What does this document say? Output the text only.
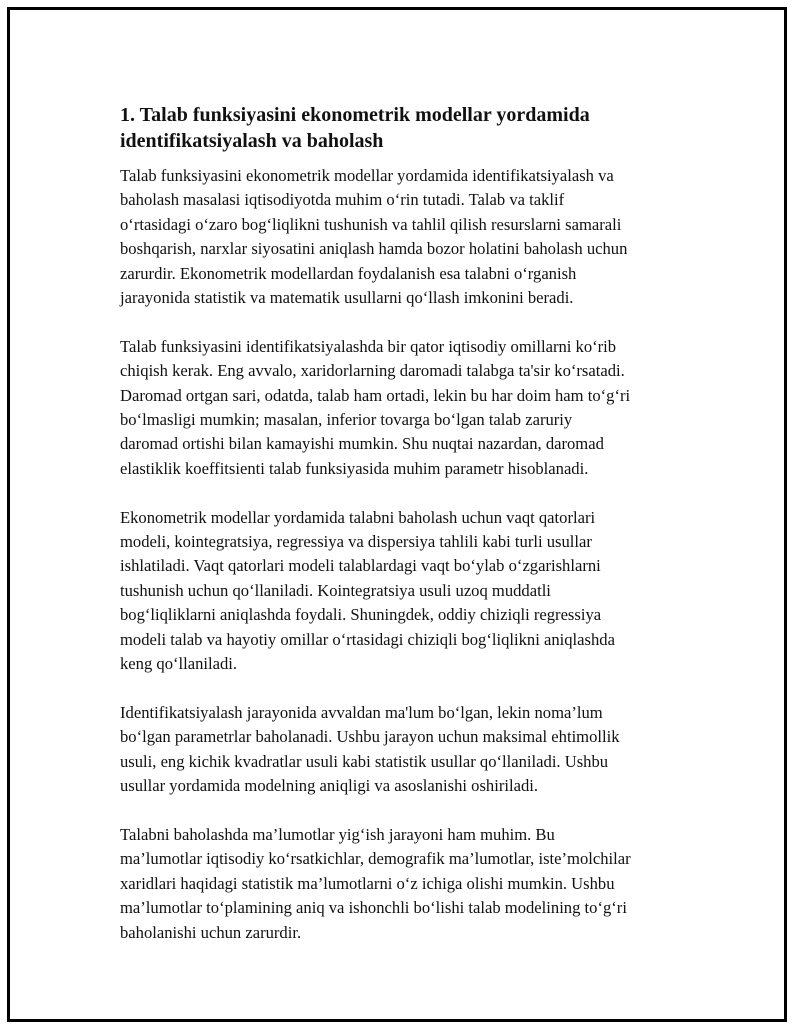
1. Talab funksiyasini ekonometrik modellar yordamida
identifikatsiyalash va baholash

Talab funksiyasini ekonometrik modellar yordamida identifikatsiyalash va
baholash masalasi iqtisodiyotda muhim o‘rin tutadi. Talab va taklif
o‘rtasidagi o‘zaro bog‘liqlikni tushunish va tahlil qilish resurslarni samarali
boshqarish, narxlar siyosatini aniqlash hamda bozor holatini baholash uchun
zarurdir. Ekonometrik modellardan foydalanish esa talabni o‘rganish
jarayonida statistik va matematik usullarni qo‘llash imkonini beradi.

Talab funksiyasini identifikatsiyalashda bir qator iqtisodiy omillarni ko‘rib
chiqish kerak. Eng avvalo, xaridorlarning daromadi talabga ta'sir ko‘rsatadi.
Daromad ortgan sari, odatda, talab ham ortadi, lekin bu har doim ham to‘g‘ri
bo‘lmasligi mumkin; masalan, inferior tovarga bo‘lgan talab zaruriy
daromad ortishi bilan kamayishi mumkin. Shu nuqtai nazardan, daromad
elastiklik koeffitsienti talab funksiyasida muhim parametr hisoblanadi.

Ekonometrik modellar yordamida talabni baholash uchun vaqt qatorlari
modeli, kointegratsiya, regressiya va dispersiya tahlili kabi turli usullar
ishlatiladi. Vaqt qatorlari modeli talablardagi vaqt bo‘ylab o‘zgarishlarni
tushunish uchun qo‘llaniladi. Kointegratsiya usuli uzoq muddatli
bog‘liqliklarni aniqlashda foydali. Shuningdek, oddiy chiziqli regressiya
modeli talab va hayotiy omillar o‘rtasidagi chiziqli bog‘liqlikni aniqlashda
keng qo‘llaniladi.

Identifikatsiyalash jarayonida avvaldan ma'lum bo‘lgan, lekin noma’lum
bo‘lgan parametrlar baholanadi. Ushbu jarayon uchun maksimal ehtimollik
usuli, eng kichik kvadratlar usuli kabi statistik usullar qo‘llaniladi. Ushbu
usullar yordamida modelning aniqligi va asoslanishi oshiriladi.

Talabni baholashda ma’lumotlar yig‘ish jarayoni ham muhim. Bu
ma’lumotlar iqtisodiy ko‘rsatkichlar, demografik ma’lumotlar, iste’molchilar
xaridlari haqidagi statistik ma’lumotlarni o‘z ichiga olishi mumkin. Ushbu
ma’lumotlar to‘plamining aniq va ishonchli bo‘lishi talab modelining to‘g‘ri
baholanishi uchun zarurdir.
